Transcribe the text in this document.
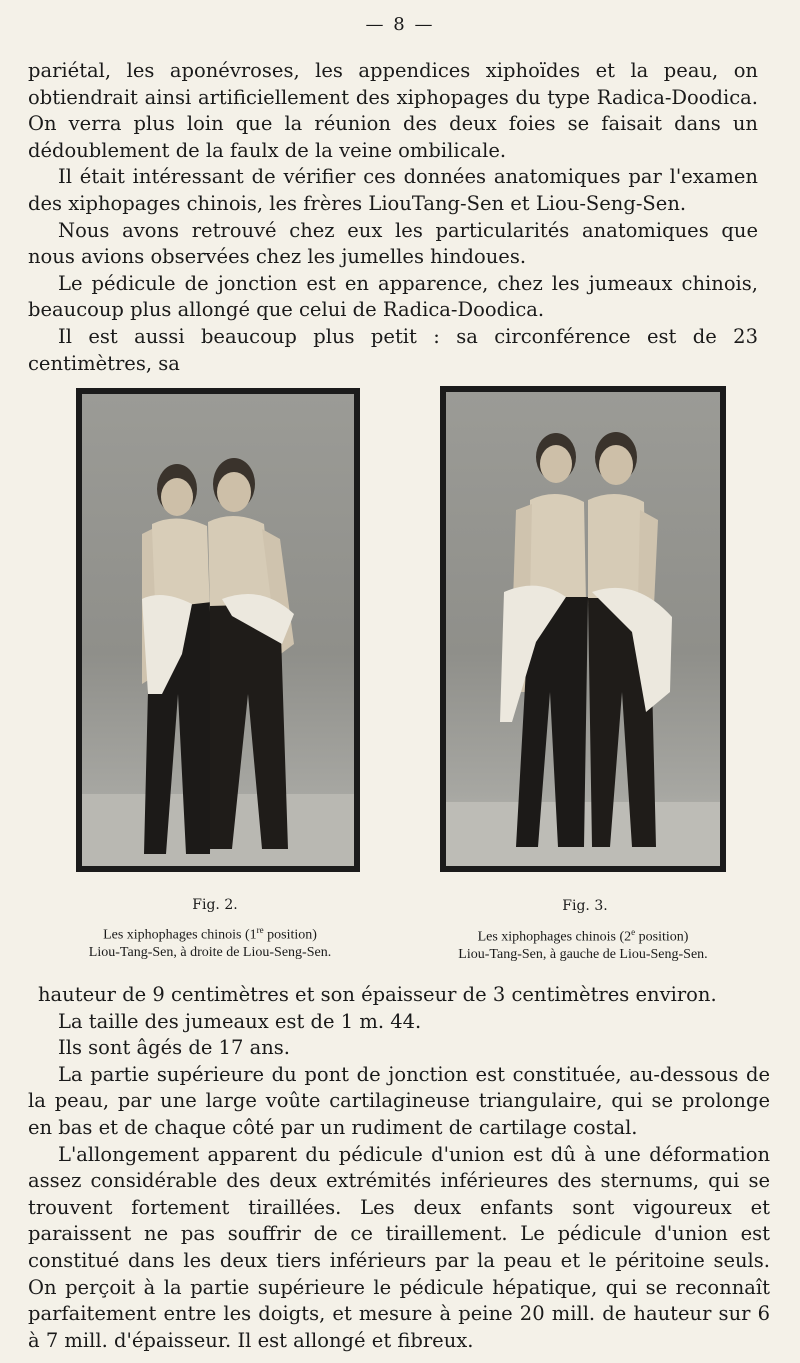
— 8 —

pariétal, les aponévroses, les appendices xiphoïdes et la peau, on obtiendrait ainsi artificiellement des xiphopages du type Radica-Doodica. On verra plus loin que la réunion des deux foies se faisait dans un dédoublement de la faulx de la veine ombilicale.

Il était intéressant de vérifier ces données anatomiques par l'examen des xiphopages chinois, les frères LiouTang-Sen et Liou-Seng-Sen.

Nous avons retrouvé chez eux les particularités anatomiques que nous avions observées chez les jumelles hindoues.

Le pédicule de jonction est en apparence, chez les jumeaux chinois, beaucoup plus allongé que celui de Radica-Doodica.

Il est aussi beaucoup plus petit : sa circonférence est de 23 centimètres, sa

Fig. 2.
Les xiphophages chinois (1re position)
Liou-Tang-Sen, à droite de Liou-Seng-Sen.
Fig. 3.
Les xiphophages chinois (2e position)
Liou-Tang-Sen, à gauche de Liou-Seng-Sen.

hauteur de 9 centimètres et son épaisseur de 3 centimètres environ.

La taille des jumeaux est de 1 m. 44.

Ils sont âgés de 17 ans.

La partie supérieure du pont de jonction est constituée, au-dessous de la peau, par une large voûte cartilagineuse triangulaire, qui se prolonge en bas et de chaque côté par un rudiment de cartilage costal.

L'allongement apparent du pédicule d'union est dû à une déformation assez considérable des deux extrémités inférieures des sternums, qui se trouvent fortement tiraillées. Les deux enfants sont vigoureux et paraissent ne pas souffrir de ce tiraillement. Le pédicule d'union est constitué dans les deux tiers inférieurs par la peau et le péritoine seuls. On perçoit à la partie supérieure le pédicule hépatique, qui se reconnaît parfaitement entre les doigts, et mesure à peine 20 mill. de hauteur sur 6 à 7 mill. d'épaisseur. Il est allongé et fibreux.
